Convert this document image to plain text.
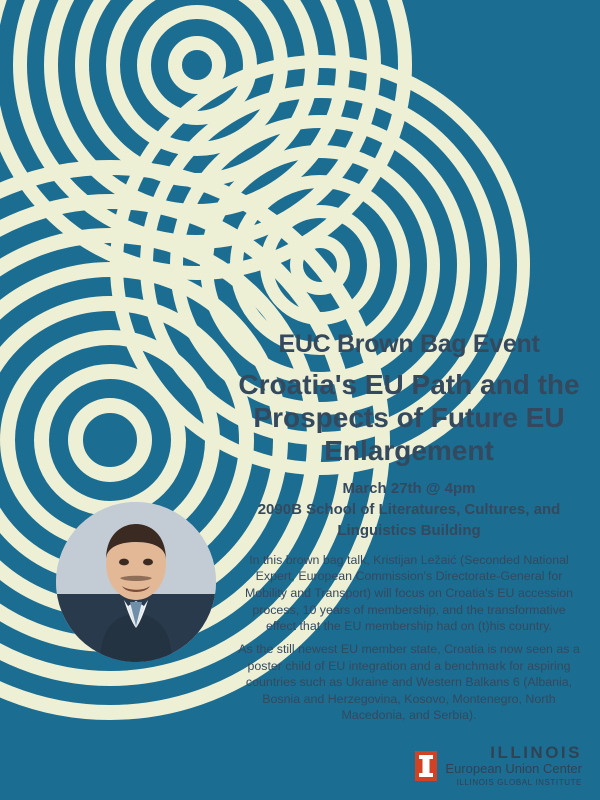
EUC Brown Bag Event
Croatia's EU Path and the Prospects of Future EU Enlargement
March 27th @ 4pm
2090B School of Literatures, Cultures, and Linguistics Building

In this brown bag talk, Kristijan Ležaić (Seconded National Expert, European Commission's Directorate-General for Mobility and Transport) will focus on Croatia's EU accession process, 10 years of membership, and the transformative effect that the EU membership had on (t)his country.

As the still newest EU member state, Croatia is now seen as a poster child of EU integration and a benchmark for aspiring countries such as Ukraine and Western Balkans 6 (Albania, Bosnia and Herzegovina, Kosovo, Montenegro, North Macedonia, and Serbia).

ILLINOIS
European Union Center
ILLINOIS GLOBAL INSTITUTE
